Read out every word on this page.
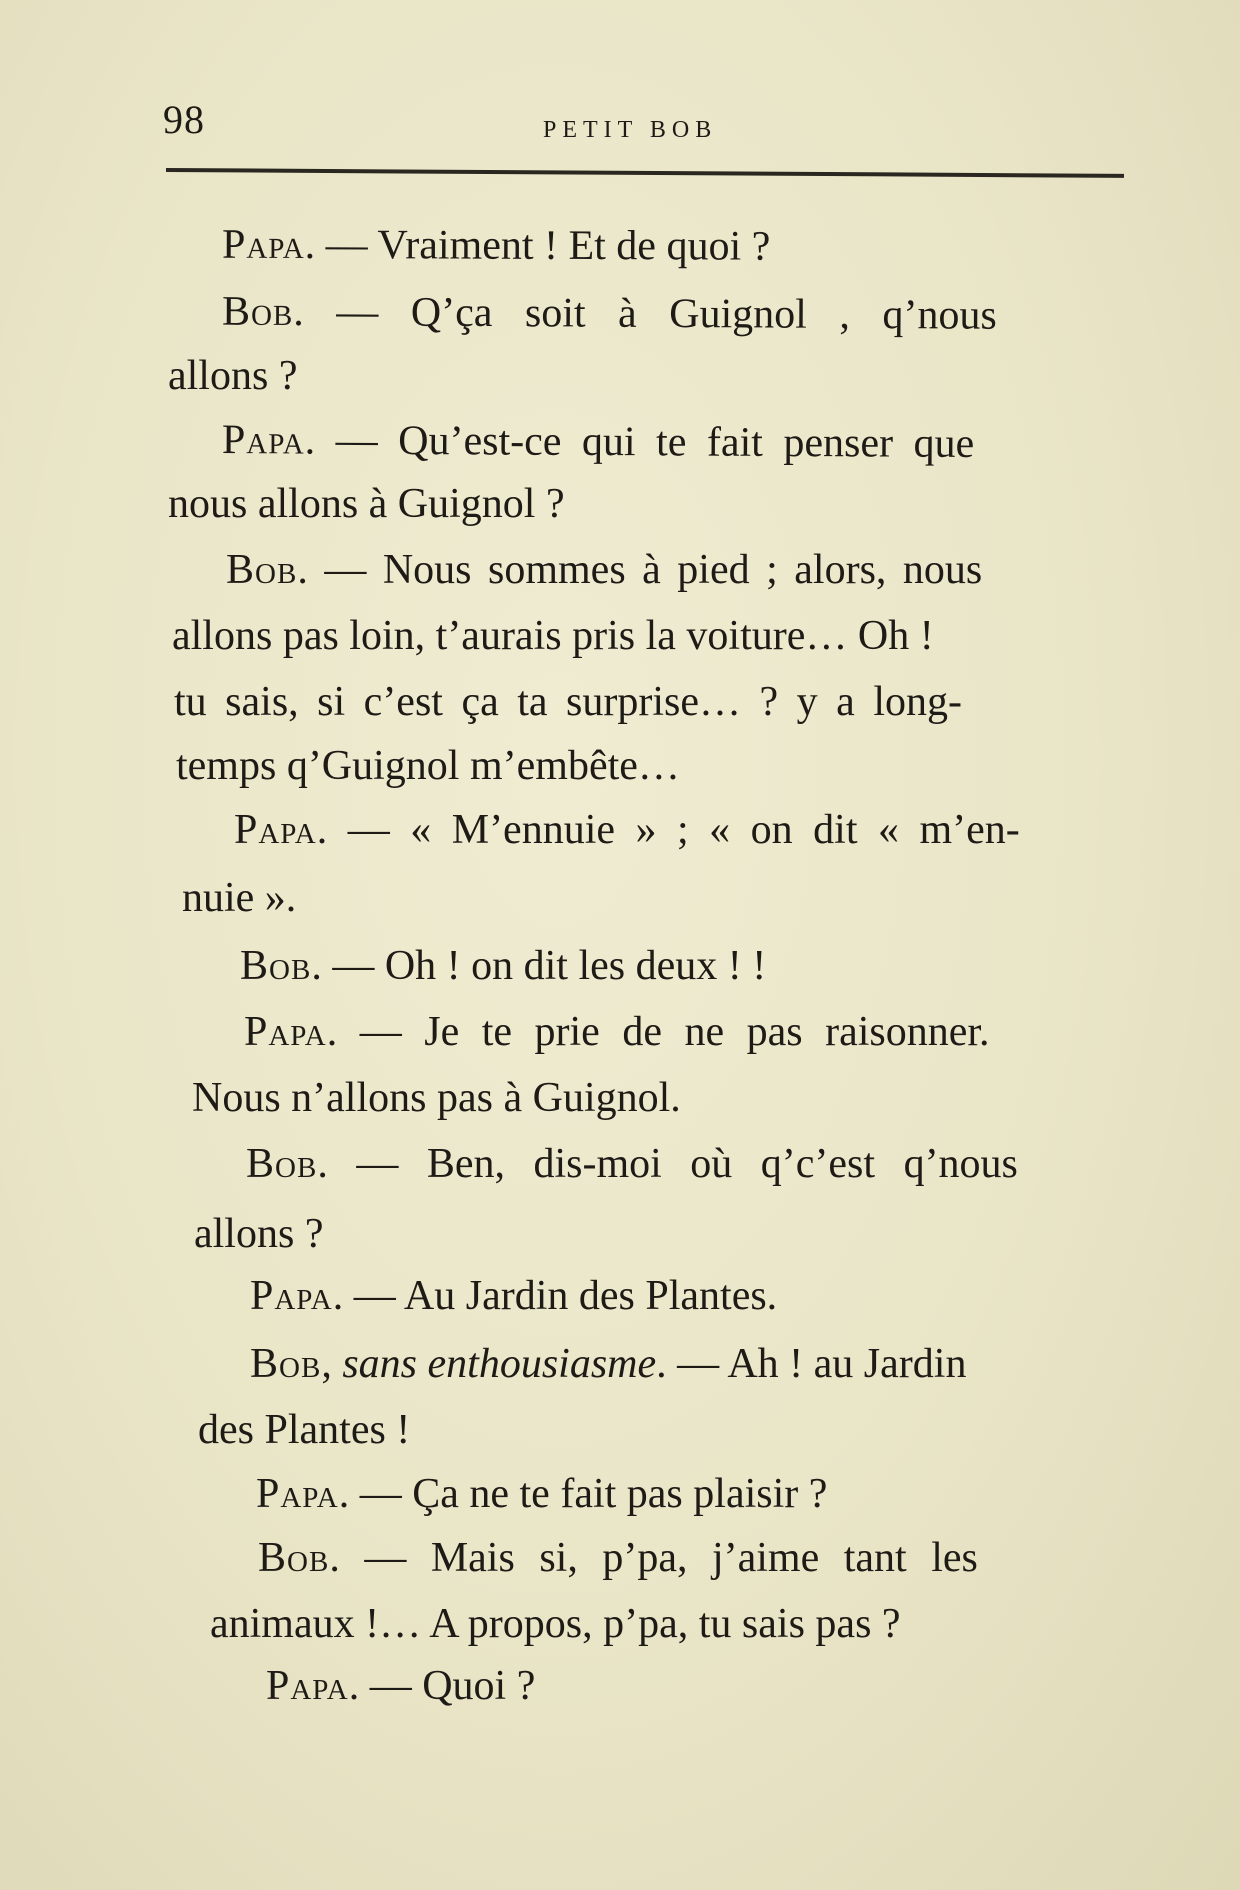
98	PETIT BOB
Papa. — Vraiment ! Et de quoi ?
Bob. — Q’ça soit à Guignol , q’nous
allons ?
Papa. — Qu’est-ce qui te fait penser que
nous allons à Guignol ?
Bob. — Nous sommes à pied ; alors, nous
allons pas loin, t’aurais pris la voiture… Oh !
tu sais, si c’est ça ta surprise… ? y a long-
temps q’Guignol m’embête…
Papa. — « M’ennuie » ; « on dit « m’en-
nuie ».
Bob. — Oh ! on dit les deux ! !
Papa. — Je te prie de ne pas raisonner.
Nous n’allons pas à Guignol.
Bob. — Ben, dis-moi où q’c’est q’nous
allons ?
Papa. — Au Jardin des Plantes.
Bob, sans enthousiasme. — Ah ! au Jardin
des Plantes !
Papa. — Ça ne te fait pas plaisir ?
Bob. — Mais si, p’pa, j’aime tant les
animaux !… A propos, p’pa, tu sais pas ?
Papa. — Quoi ?
